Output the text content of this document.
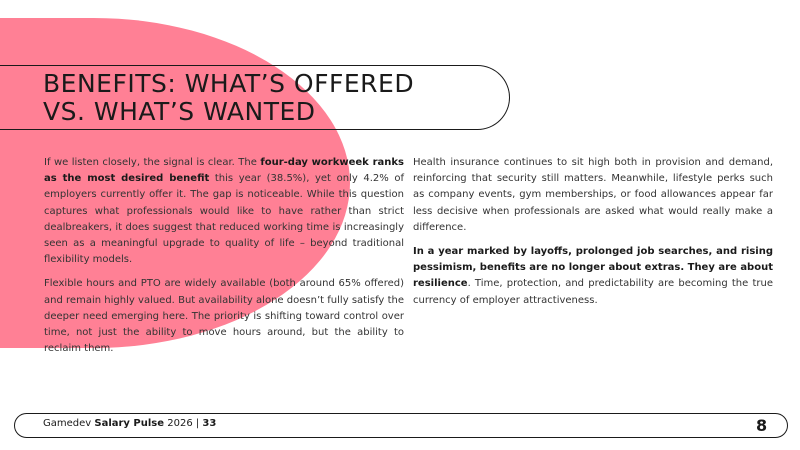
BENEFITS: WHAT’S OFFERED
VS. WHAT’S WANTED

If we listen closely, the signal is clear. The four-day workweek ranks as the most desired benefit this year (38.5%), yet only 4.2% of employers currently offer it. The gap is noticeable. While this question captures what professionals would like to have rather than strict dealbreakers, it does suggest that reduced working time is increasingly seen as a meaningful upgrade to quality of life – beyond traditional flexibility models.

Flexible hours and PTO are widely available (both around 65% offered) and remain highly valued. But availability alone doesn’t fully satisfy the deeper need emerging here. The priority is shifting toward control over time, not just the ability to move hours around, but the ability to reclaim them.

Health insurance continues to sit high both in provision and demand, reinforcing that security still matters. Meanwhile, lifestyle perks such as company events, gym memberships, or food allowances appear far less decisive when professionals are asked what would really make a difference.

In a year marked by layoffs, prolonged job searches, and rising pessimism, benefits are no longer about extras. They are about resilience. Time, protection, and predictability are becoming the true currency of employer attractiveness.

Gamedev Salary Pulse 2026 | 33	8
